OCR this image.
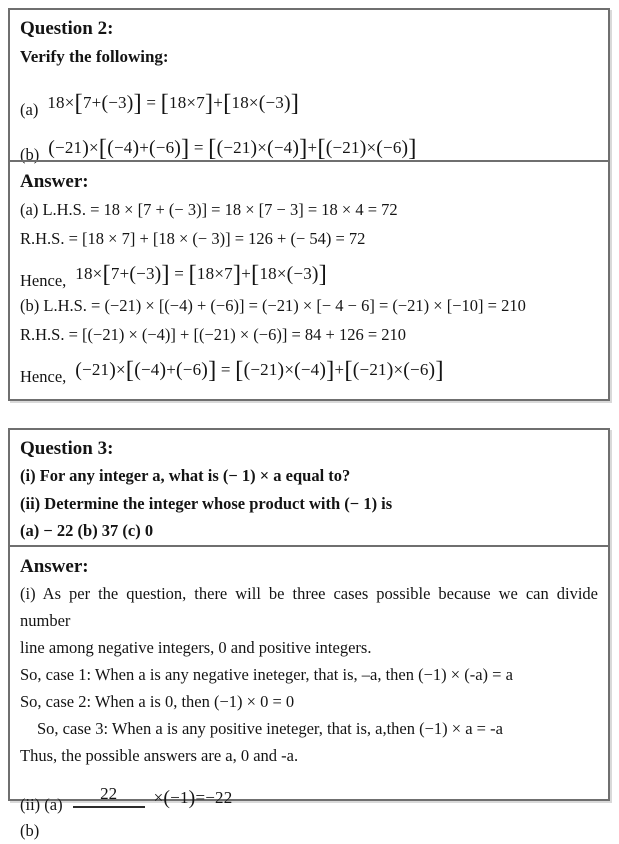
Question 2:

Verify the following:

(a) 18×[7+(−3)] = [18×7]+[18×(−3)]
(b) (−21)×[(−4)+(−6)] = [(−21)×(−4)]+[(−21)×(−6)]

Answer:

(a) L.H.S. = 18 × [7 + (− 3)] = 18 × [7 − 3] = 18 × 4 = 72

R.H.S. = [18 × 7] + [18 × (− 3)] = 126 + (− 54) = 72

Hence, 18×[7+(−3)] = [18×7]+[18×(−3)]

(b) L.H.S. = (−21) × [(−4) + (−6)] = (−21) × [− 4 − 6] = (−21) × [−10] = 210

R.H.S. = [(−21) × (−4)] + [(−21) × (−6)] = 84 + 126 = 210

Hence, (−21)×[(−4)+(−6)] = [(−21)×(−4)]+[(−21)×(−6)]

Question 3:

(i) For any integer a, what is (− 1) × a equal to?

(ii) Determine the integer whose product with (− 1) is

(a) − 22 (b) 37 (c) 0

Answer:

(i) As per the question, there will be three cases possible because we can divide number

line among negative integers, 0 and positive integers.

So, case 1: When a is any negative ineteger, that is, –a, then (−1) × (-a) = a

So, case 2: When a is 0, then (−1) × 0 = 0

So, case 3: When a is any positive ineteger, that is, a,then (−1) × a = -a

Thus, the possible answers are a, 0 and -a.

(ii) (a)
22	×(−1)=−22

(b)
